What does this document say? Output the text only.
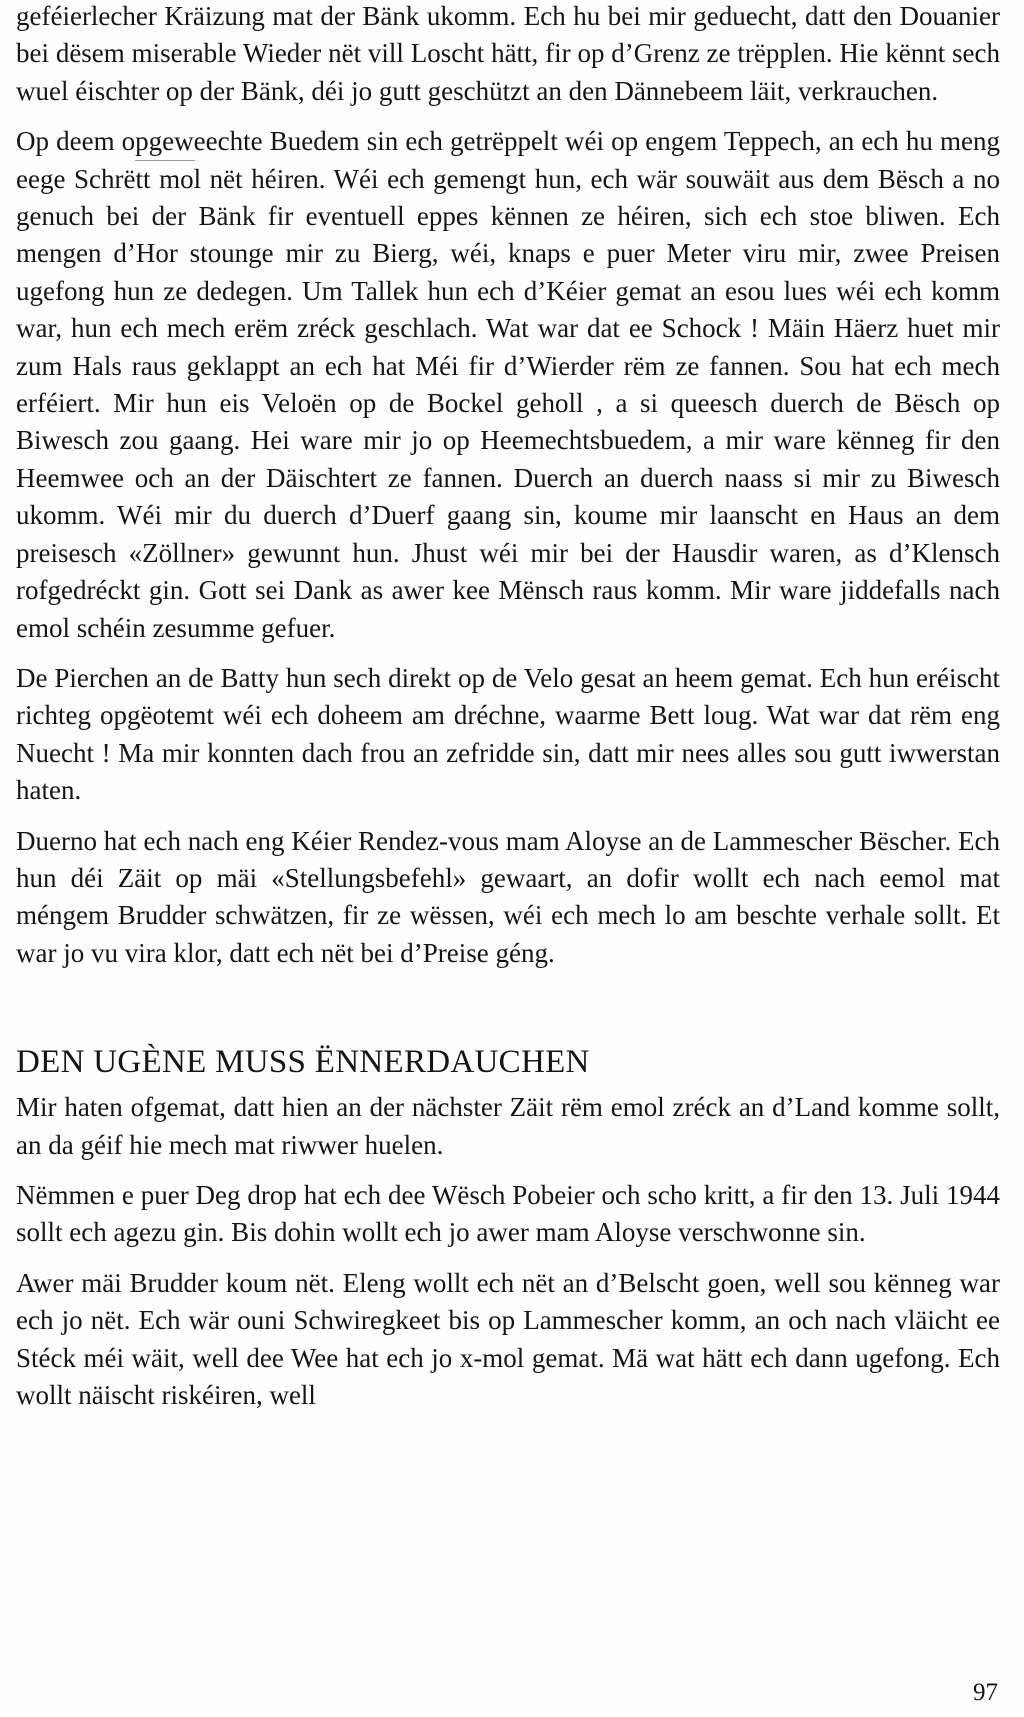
geféierlecher Kräizung mat der Bänk ukomm. Ech hu bei mir geduecht, datt den Douanier bei dësem miserable Wieder nët vill Loscht hätt, fir op d’Grenz ze trëpplen. Hie kënnt sech wuel éischter op der Bänk, déi jo gutt geschützt an den Dännebeem läit, verkrauchen.

Op deem opgeweechte Buedem sin ech getrëppelt wéi op engem Teppech, an ech hu meng eege Schrëtt mol nët héiren. Wéi ech gemengt hun, ech wär souwäit aus dem Bësch a no genuch bei der Bänk fir eventuell eppes kënnen ze héiren, sich ech stoe bliwen. Ech mengen d’Hor stounge mir zu Bierg, wéi, knaps e puer Meter viru mir, zwee Preisen ugefong hun ze dedegen. Um Tallek hun ech d’Kéier gemat an esou lues wéi ech komm war, hun ech mech erëm zréck geschlach. Wat war dat ee Schock ! Mäin Häerz huet mir zum Hals raus geklappt an ech hat Méi fir d’Wierder rëm ze fannen. Sou hat ech mech erféiert. Mir hun eis Veloën op de Bockel geholl , a si queesch duerch de Bësch op Biwesch zou gaang. Hei ware mir jo op Heemechtsbuedem, a mir ware kënneg fir den Heemwee och an der Däischtert ze fannen. Duerch an duerch naass si mir zu Biwesch ukomm. Wéi mir du duerch d’Duerf gaang sin, koume mir laanscht en Haus an dem preisesch «Zöllner» gewunnt hun. Jhust wéi mir bei der Hausdir waren, as d’Klensch rofgedréckt gin. Gott sei Dank as awer kee Mënsch raus komm. Mir ware jiddefalls nach emol schéin zesumme gefuer.

De Pierchen an de Batty hun sech direkt op de Velo gesat an heem gemat. Ech hun eréischt richteg opgëotemt wéi ech doheem am dréchne, waarme Bett loug. Wat war dat rëm eng Nuecht ! Ma mir konnten dach frou an zefridde sin, datt mir nees alles sou gutt iwwerstan haten.

Duerno hat ech nach eng Kéier Rendez-vous mam Aloyse an de Lammescher Bëscher. Ech hun déi Zäit op mäi «Stellungsbefehl» gewaart, an dofir wollt ech nach eemol mat méngem Brudder schwätzen, fir ze wëssen, wéi ech mech lo am beschte verhale sollt. Et war jo vu vira klor, datt ech nët bei d’Preise géng.

DEN UGÈNE MUSS ËNNERDAUCHEN

Mir haten ofgemat, datt hien an der nächster Zäit rëm emol zréck an d’Land komme sollt, an da géif hie mech mat riwwer huelen.

Nëmmen e puer Deg drop hat ech dee Wësch Pobeier och scho kritt, a fir den 13. Juli 1944 sollt ech agezu gin. Bis dohin wollt ech jo awer mam Aloyse verschwonne sin.

Awer mäi Brudder koum nët. Eleng wollt ech nët an d’Belscht goen, well sou kënneg war ech jo nët. Ech wär ouni Schwiregkeet bis op Lammescher komm, an och nach vläicht ee Stéck méi wäit, well dee Wee hat ech jo x-mol gemat. Mä wat hätt ech dann ugefong. Ech wollt näischt riskéiren, well

97
